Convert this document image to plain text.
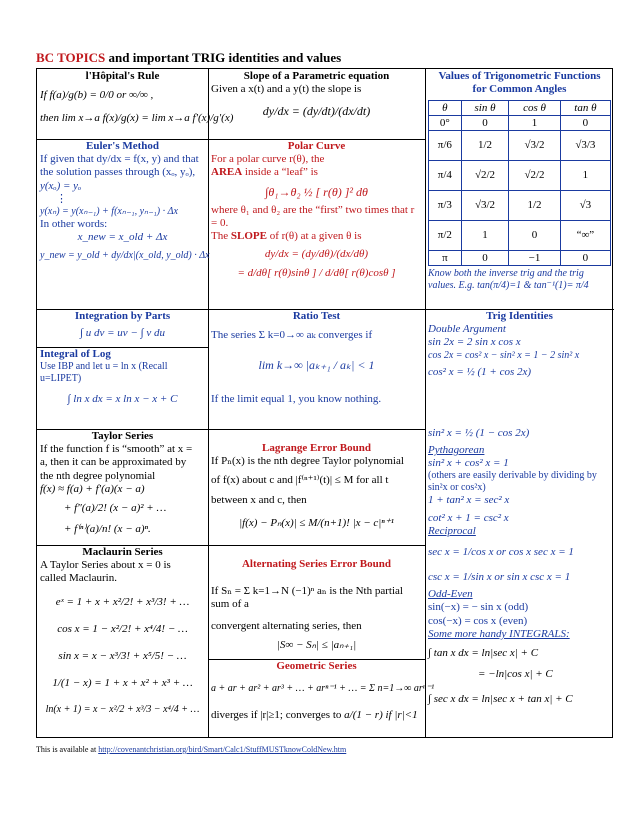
BC TOPICS and important TRIG identities and values
l'Hôpital's Rule
If f(a)/g(b) = 0/0 or ∞/∞ ,
then lim x→a f(x)/g(x) = lim x→a f′(x)/g′(x)
Slope of a Parametric equation
Given a x(t) and a y(t) the slope is
dy/dx = (dy/dt)/(dx/dt)
Values of Trigonometric Functions for Common Angles
θ	sin θ	cos θ	tan θ
0°	0	1	0
π/6	1/2	√3/2	√3/3
π/4	√2/2	√2/2	1
π/3	√3/2	1/2	√3
π/2	1	0	“∞”
π	0	−1	0
Know both the inverse trig and the trig values. E.g. tan(π/4)=1 & tan⁻¹(1)= π/4
Euler's Method
If given that dy/dx = f(x, y) and that
the solution passes through (xₒ, yₒ),
y(xₒ) = yₒ
⋮
y(xₙ) = y(xₙ₋₁) + f(xₙ₋₁, yₙ₋₁) · Δx
In other words:
x_new = x_old + Δx
y_new = y_old + dy/dx|(x_old, y_old) · Δx
Polar Curve
For a polar curve r(θ), the
AREA inside a “leaf” is
∫θ₁→θ₂ ½ [ r(θ) ]² dθ
where θ₁ and θ₂ are the “first” two times that r = 0.
The SLOPE of r(θ) at a given θ is
dy/dx = (dy/dθ)/(dx/dθ)
= d/dθ[ r(θ)sinθ ] / d/dθ[ r(θ)cosθ ]
Integration by Parts
∫ u dv = uv − ∫ v du
Integral of Log
Use IBP and let u = ln x (Recall
u=LIPET)
∫ ln x dx = x ln x − x + C
Ratio Test
The series Σ k=0→∞ aₖ converges if
lim k→∞ |aₖ₊₁ / aₖ| < 1
If the limit equal 1, you know nothing.
Trig Identities
Double Argument
sin 2x = 2 sin x cos x
cos 2x = cos² x − sin² x = 1 − 2 sin² x
cos² x = ½ (1 + cos 2x)
sin² x = ½ (1 − cos 2x)
Pythagorean
sin² x + cos² x = 1
(others are easily derivable by dividing by sin²x or cos²x)
1 + tan² x = sec² x
cot² x + 1 = csc² x
Reciprocal
sec x = 1/cos x or cos x sec x = 1
csc x = 1/sin x or sin x csc x = 1
Odd-Even
sin(−x) = − sin x (odd)
cos(−x) = cos x (even)
Some more handy INTEGRALS:
∫ tan x dx = ln|sec x| + C
= −ln|cos x| + C
∫ sec x dx = ln|sec x + tan x| + C
Taylor Series
If the function f is “smooth” at x =
a, then it can be approximated by
the nth degree polynomial
f(x) ≈ f(a) + f′(a)(x − a)
+ f″(a)/2! (x − a)² + …
+ f⁽ⁿ⁾(a)/n! (x − a)ⁿ.
Lagrange Error Bound
If Pₙ(x) is the nth degree Taylor polynomial
of f(x) about c and |f⁽ⁿ⁺¹⁾(t)| ≤ M for all t
between x and c, then
|f(x) − Pₙ(x)| ≤ M/(n+1)! |x − c|ⁿ⁺¹
Maclaurin Series
A Taylor Series about x = 0 is
called Maclaurin.
eˣ = 1 + x + x²/2! + x³/3! + …
cos x = 1 − x²/2! + x⁴/4! − …
sin x = x − x³/3! + x⁵/5! − …
1/(1 − x) = 1 + x + x² + x³ + …
ln(x + 1) = x − x²/2 + x³/3 − x⁴/4 + …
Alternating Series Error Bound
If Sₙ = Σ k=1→N (−1)ⁿ aₙ is the Nth partial sum of a
convergent alternating series, then
|S∞ − Sₙ| ≤ |aₙ₊₁|
Geometric Series
a + ar + ar² + ar³ + … + arⁿ⁻¹ + … = Σ n=1→∞ arⁿ⁻¹
diverges if |r|≥1; converges to a/(1 − r) if |r|<1
This is available at http://covenantchristian.org/bird/Smart/Calc1/StuffMUSTknowColdNew.htm
